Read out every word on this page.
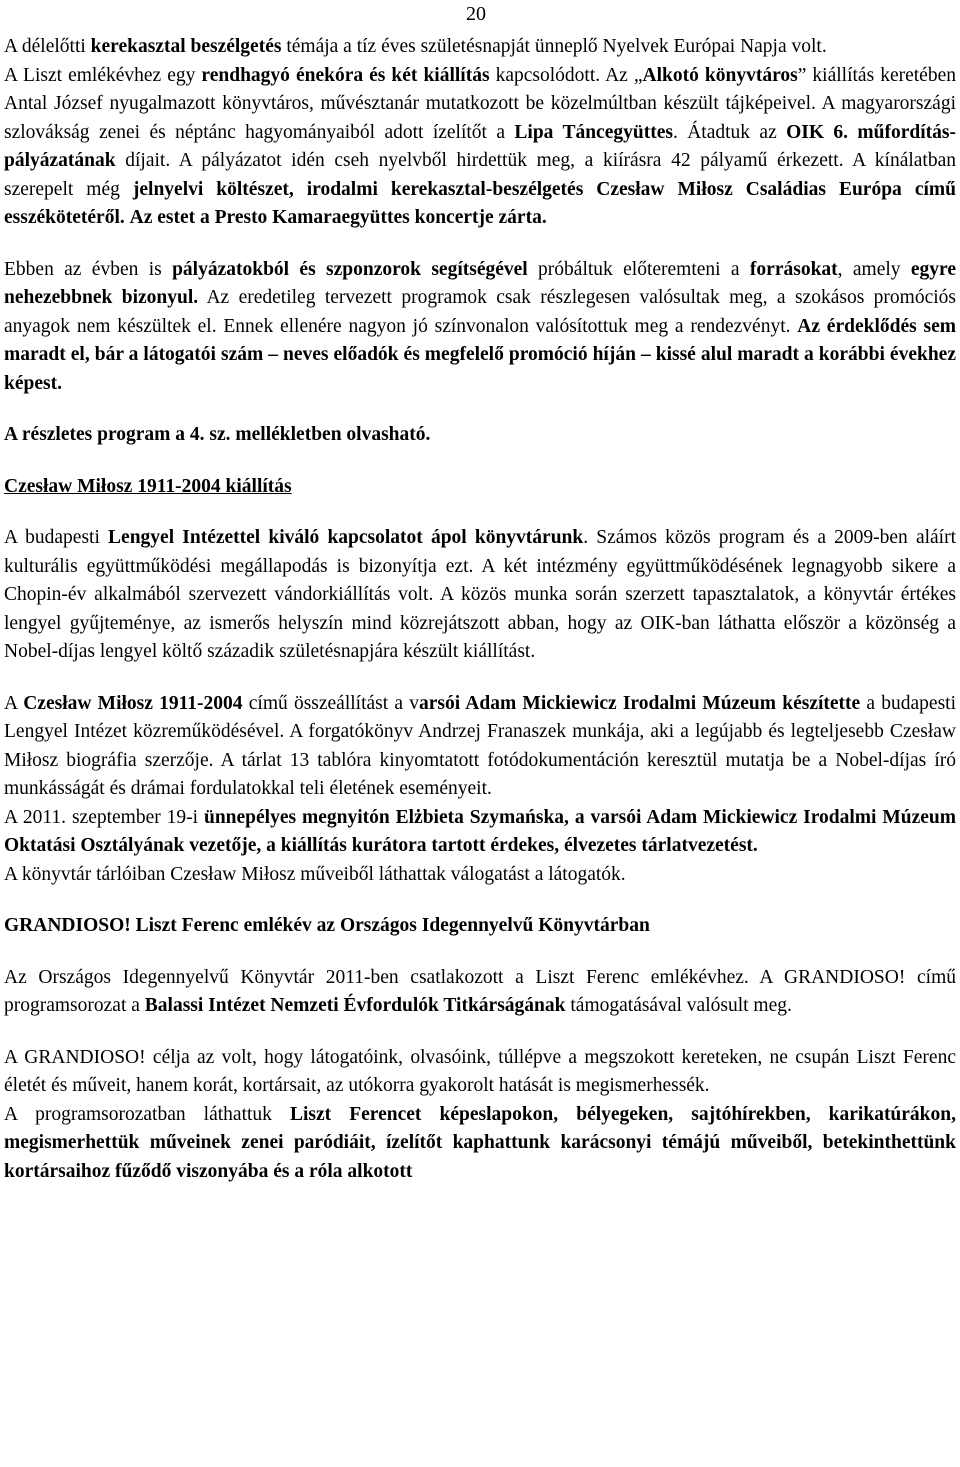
20

A délelőtti kerekasztal beszélgetés témája a tíz éves születésnapját ünneplő Nyelvek Európai Napja volt.

A Liszt emlékévhez egy rendhagyó énekóra és két kiállítás kapcsolódott. Az „Alkotó könyvtáros” kiállítás keretében Antal József nyugalmazott könyvtáros, művésztanár mutatkozott be közelmúltban készült tájképeivel. A magyarországi szlovákság zenei és néptánc hagyományaiból adott ízelítőt a Lipa Táncegyüttes. Átadtuk az OIK 6. műfordítás-pályázatának díjait. A pályázatot idén cseh nyelvből hirdettük meg, a kiírásra 42 pályamű érkezett. A kínálatban szerepelt még jelnyelvi költészet, irodalmi kerekasztal-beszélgetés Czesław Miłosz Családias Európa című esszékötetéről. Az estet a Presto Kamaraegyüttes koncertje zárta.

Ebben az évben is pályázatokból és szponzorok segítségével próbáltuk előteremteni a forrásokat, amely egyre nehezebbnek bizonyul. Az eredetileg tervezett programok csak részlegesen valósultak meg, a szokásos promóciós anyagok nem készültek el. Ennek ellenére nagyon jó színvonalon valósítottuk meg a rendezvényt. Az érdeklődés sem maradt el, bár a látogatói szám – neves előadók és megfelelő promóció híján – kissé alul maradt a korábbi évekhez képest.

A részletes program a 4. sz. mellékletben olvasható.

Czesław Miłosz 1911-2004 kiállítás

A budapesti Lengyel Intézettel kiváló kapcsolatot ápol könyvtárunk. Számos közös program és a 2009-ben aláírt kulturális együttműködési megállapodás is bizonyítja ezt. A két intézmény együttműködésének legnagyobb sikere a Chopin-év alkalmából szervezett vándorkiállítás volt. A közös munka során szerzett tapasztalatok, a könyvtár értékes lengyel gyűjteménye, az ismerős helyszín mind közrejátszott abban, hogy az OIK-ban láthatta először a közönség a Nobel-díjas lengyel költő századik születésnapjára készült kiállítást.

A Czesław Miłosz 1911-2004 című összeállítást a varsói Adam Mickiewicz Irodalmi Múzeum készítette a budapesti Lengyel Intézet közreműködésével. A forgatókönyv Andrzej Franaszek munkája, aki a legújabb és legteljesebb Czesław Miłosz biográfia szerzője. A tárlat 13 tablóra kinyomtatott fotódokumentáción keresztül mutatja be a Nobel-díjas író munkásságát és drámai fordulatokkal teli életének eseményeit.

A 2011. szeptember 19-i ünnepélyes megnyitón Elżbieta Szymańska, a varsói Adam Mickiewicz Irodalmi Múzeum Oktatási Osztályának vezetője, a kiállítás kurátora tartott érdekes, élvezetes tárlatvezetést.

A könyvtár tárlóiban Czesław Miłosz műveiből láthattak válogatást a látogatók.

GRANDIOSO! Liszt Ferenc emlékév az Országos Idegennyelvű Könyvtárban

Az Országos Idegennyelvű Könyvtár 2011-ben csatlakozott a Liszt Ferenc emlékévhez. A GRANDIOSO! című programsorozat a Balassi Intézet Nemzeti Évfordulók Titkárságának támogatásával valósult meg.

A GRANDIOSO! célja az volt, hogy látogatóink, olvasóink, túllépve a megszokott kereteken, ne csupán Liszt Ferenc életét és műveit, hanem korát, kortársait, az utókorra gyakorolt hatását is megismerhessék.

A programsorozatban láthattuk Liszt Ferencet képeslapokon, bélyegeken, sajtóhírekben, karikatúrákon, megismerhettük műveinek zenei paródiáit, ízelítőt kaphattunk karácsonyi témájú műveiből, betekinthettünk kortársaihoz fűződő viszonyába és a róla alkotott
